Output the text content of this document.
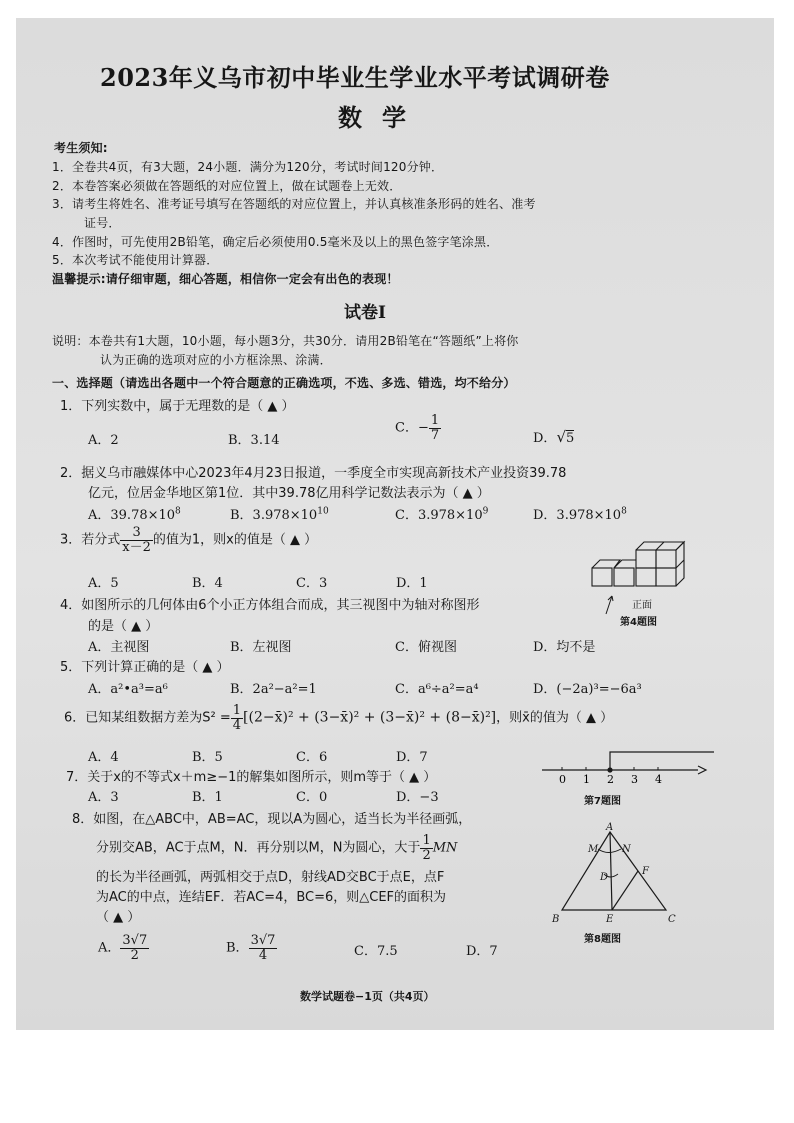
2023年义乌市初中毕业生学业水平考试调研卷
数学
考生须知:
1．全卷共4页，有3大题，24小题．满分为120分，考试时间120分钟．
2．本卷答案必须做在答题纸的对应位置上，做在试题卷上无效．
3．请考生将姓名、准考证号填写在答题纸的对应位置上，并认真核准条形码的姓名、准考
证号．
4．作图时，可先使用2B铅笔，确定后必须使用0.5毫米及以上的黑色签字笔涂黑．
5．本次考试不能使用计算器．
温馨提示:请仔细审题，细心答题，相信你一定会有出色的表现！
试卷Ⅰ
说明：本卷共有1大题，10小题，每小题3分，共30分．请用2B铅笔在“答题纸”上将你
认为正确的选项对应的小方框涂黑、涂满．
一、选择题（请选出各题中一个符合题意的正确选项，不选、多选、错选，均不给分）
1．下列实数中，属于无理数的是（ ▲ ）
A．2	B．3.14
C．− $\frac{1}{7}$	D．√5
2．据义乌市融媒体中心2023年4月23日报道，一季度全市实现高新技术产业投资39.78
亿元，位居金华地区第1位．其中39.78亿用科学记数法表示为（ ▲ ）
A．$39.78\times 10^8$	B．$3.978\times 10^{10}$	C．$3.978\times 10^9$	D．$3.978\times 10^8$
3．若分式 $\frac{3}{x-2}$ 的值为1，则x的值是（ ▲ ）
A．5	B．4	C．3	D．1
正面
第4题图
4．如图所示的几何体由6个小正方体组合而成，其三视图中为轴对称图形
的是（ ▲ ）
A．主视图	B．左视图	C．俯视图	D．均不是
5．下列计算正确的是（ ▲ ）
A．a²•a³=a⁶	B．2a²−a²=1	C．a⁶÷a²=a⁴	D．(−2a)³=−6a³
6．已知某组数据方差为$S^2 = \frac{1}{4}$ [(2−x̄)² + (3−x̄)² + (3−x̄)² + (8−x̄)²]，则x̄的值为（ ▲ ）
A．4	B．5	C．6	D．7
7．关于x的不等式x＋m≥−1的解集如图所示，则m等于（ ▲ ）
A．3	B．1	C．0	D．−3
0 1 2 3 4
第7题图
8．如图，在△ABC中，AB=AC，现以A为圆心，适当长为半径画弧，
分别交AB，AC于点M，N．再分别以M，N为圆心，大于 $\frac{1}{2}$ MN
的长为半径画弧，两弧相交于点D，射线AD交BC于点E，点F
为AC的中点，连结EF．若AC=4，BC=6，则△CEF的面积为
（ ▲ ）
A． $\frac{3√7}{2}$	B． $\frac{3√7}{4}$	C．7.5	D．7
A
B	C
M N
D
E
F
第8题图
数学试题卷−1页（共4页）
